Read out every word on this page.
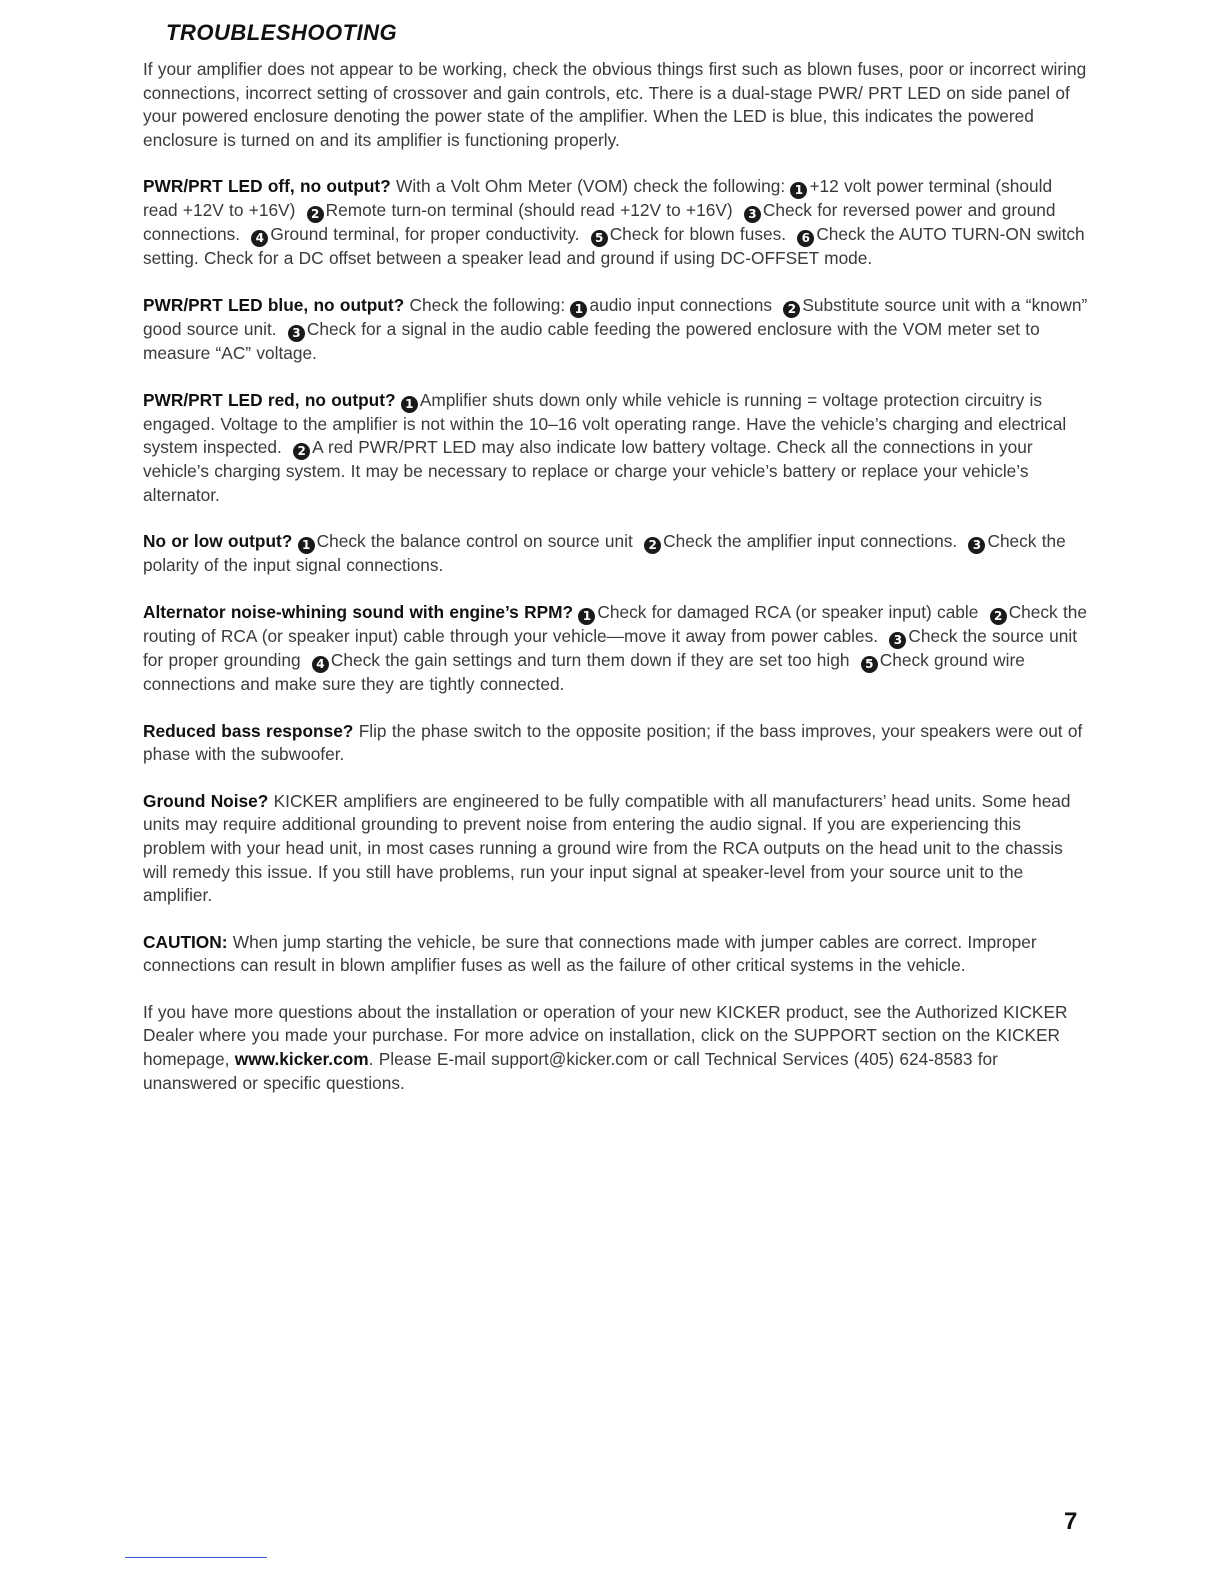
TROUBLESHOOTING

If your amplifier does not appear to be working, check the obvious things first such as blown fuses, poor or incorrect wiring connections, incorrect setting of crossover and gain controls, etc. There is a dual-stage PWR/ PRT LED on side panel of your powered enclosure denoting the power state of the amplifier. When the LED is blue, this indicates the powered enclosure is turned on and its amplifier is functioning properly.

PWR/PRT LED off, no output? With a Volt Ohm Meter (VOM) check the following: 1 +12 volt power terminal (should read +12V to +16V) 2 Remote turn-on terminal (should read +12V to +16V) 3 Check for reversed power and ground connections. 4 Ground terminal, for proper conductivity. 5 Check for blown fuses. 6 Check the AUTO TURN-ON switch setting. Check for a DC offset between a speaker lead and ground if using DC-OFFSET mode.

PWR/PRT LED blue, no output? Check the following: 1 audio input connections 2 Substitute source unit with a “known” good source unit. 3 Check for a signal in the audio cable feeding the powered enclosure with the VOM meter set to measure “AC” voltage.

PWR/PRT LED red, no output? 1 Amplifier shuts down only while vehicle is running = voltage protection circuitry is engaged. Voltage to the amplifier is not within the 10–16 volt operating range. Have the vehicle’s charging and electrical system inspected. 2 A red PWR/PRT LED may also indicate low battery voltage. Check all the connections in your vehicle’s charging system. It may be necessary to replace or charge your vehicle’s battery or replace your vehicle’s alternator.

No or low output? 1 Check the balance control on source unit 2 Check the amplifier input connections. 3 Check the polarity of the input signal connections.

Alternator noise-whining sound with engine’s RPM? 1 Check for damaged RCA (or speaker input) cable 2 Check the routing of RCA (or speaker input) cable through your vehicle—move it away from power cables. 3 Check the source unit for proper grounding 4 Check the gain settings and turn them down if they are set too high 5 Check ground wire connections and make sure they are tightly connected.

Reduced bass response? Flip the phase switch to the opposite position; if the bass improves, your speakers were out of phase with the subwoofer.

Ground Noise? KICKER amplifiers are engineered to be fully compatible with all manufacturers’ head units. Some head units may require additional grounding to prevent noise from entering the audio signal. If you are experiencing this problem with your head unit, in most cases running a ground wire from the RCA outputs on the head unit to the chassis will remedy this issue. If you still have problems, run your input signal at speaker-level from your source unit to the amplifier.

CAUTION: When jump starting the vehicle, be sure that connections made with jumper cables are correct. Improper connections can result in blown amplifier fuses as well as the failure of other critical systems in the vehicle.

If you have more questions about the installation or operation of your new KICKER product, see the Authorized KICKER Dealer where you made your purchase. For more advice on installation, click on the SUPPORT section on the KICKER homepage, www.kicker.com. Please E-mail support@kicker.com or call Technical Services (405) 624-8583 for unanswered or specific questions.

7
